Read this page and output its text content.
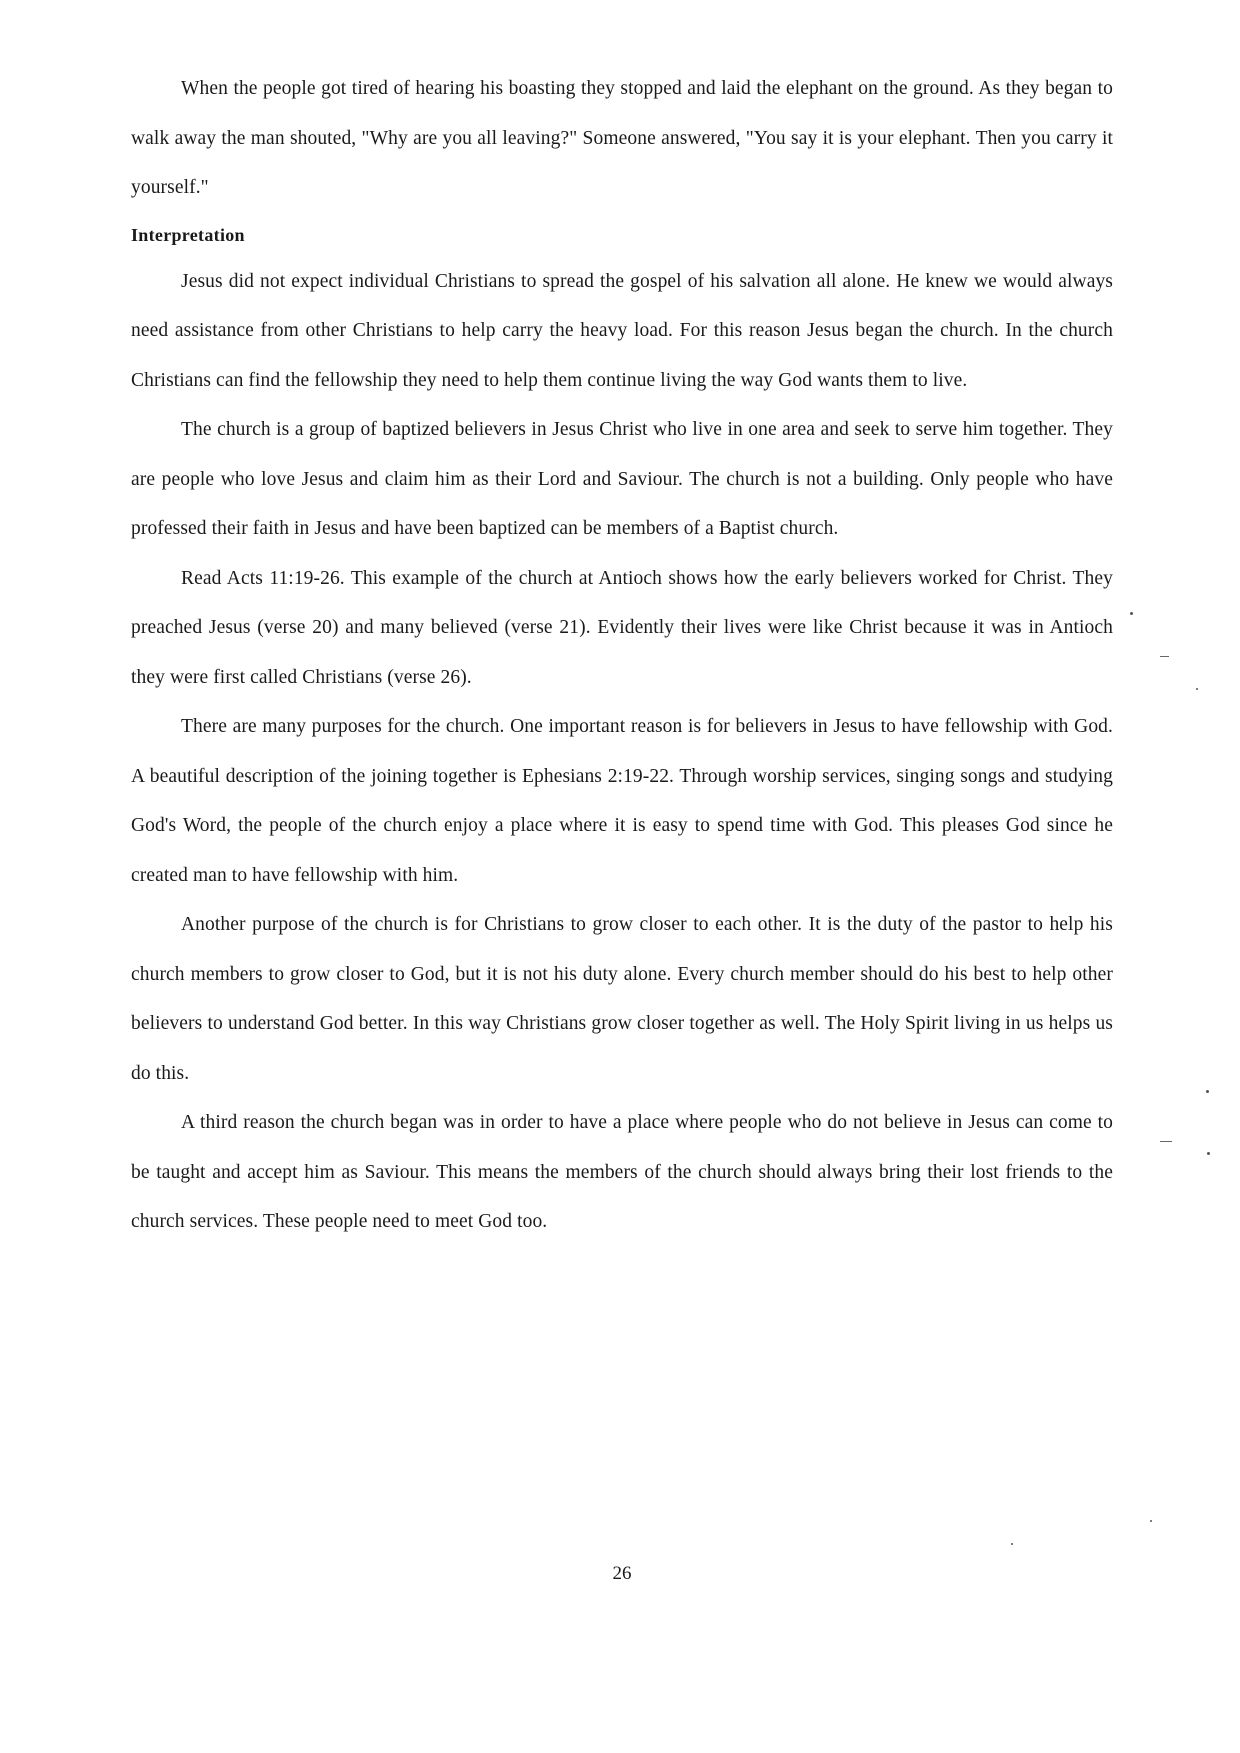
When the people got tired of hearing his boasting they stopped and laid the elephant on the ground. As they began to walk away the man shouted, "Why are you all leaving?" Someone answered, "You say it is your elephant. Then you carry it yourself."

Interpretation

Jesus did not expect individual Christians to spread the gospel of his salvation all alone. He knew we would always need assistance from other Christians to help carry the heavy load. For this reason Jesus began the church. In the church Christians can find the fellowship they need to help them continue living the way God wants them to live.

The church is a group of baptized believers in Jesus Christ who live in one area and seek to serve him together. They are people who love Jesus and claim him as their Lord and Saviour. The church is not a building. Only people who have professed their faith in Jesus and have been baptized can be members of a Baptist church.

Read Acts 11:19-26. This example of the church at Antioch shows how the early believers worked for Christ. They preached Jesus (verse 20) and many believed (verse 21). Evidently their lives were like Christ because it was in Antioch they were first called Christians (verse 26).

There are many purposes for the church. One important reason is for believers in Jesus to have fellowship with God. A beautiful description of the joining together is Ephesians 2:19-22. Through worship services, singing songs and studying God's Word, the people of the church enjoy a place where it is easy to spend time with God. This pleases God since he created man to have fellowship with him.

Another purpose of the church is for Christians to grow closer to each other. It is the duty of the pastor to help his church members to grow closer to God, but it is not his duty alone. Every church member should do his best to help other believers to understand God better. In this way Christians grow closer together as well. The Holy Spirit living in us helps us do this.

A third reason the church began was in order to have a place where people who do not believe in Jesus can come to be taught and accept him as Saviour. This means the members of the church should always bring their lost friends to the church services. These people need to meet God too.

26
